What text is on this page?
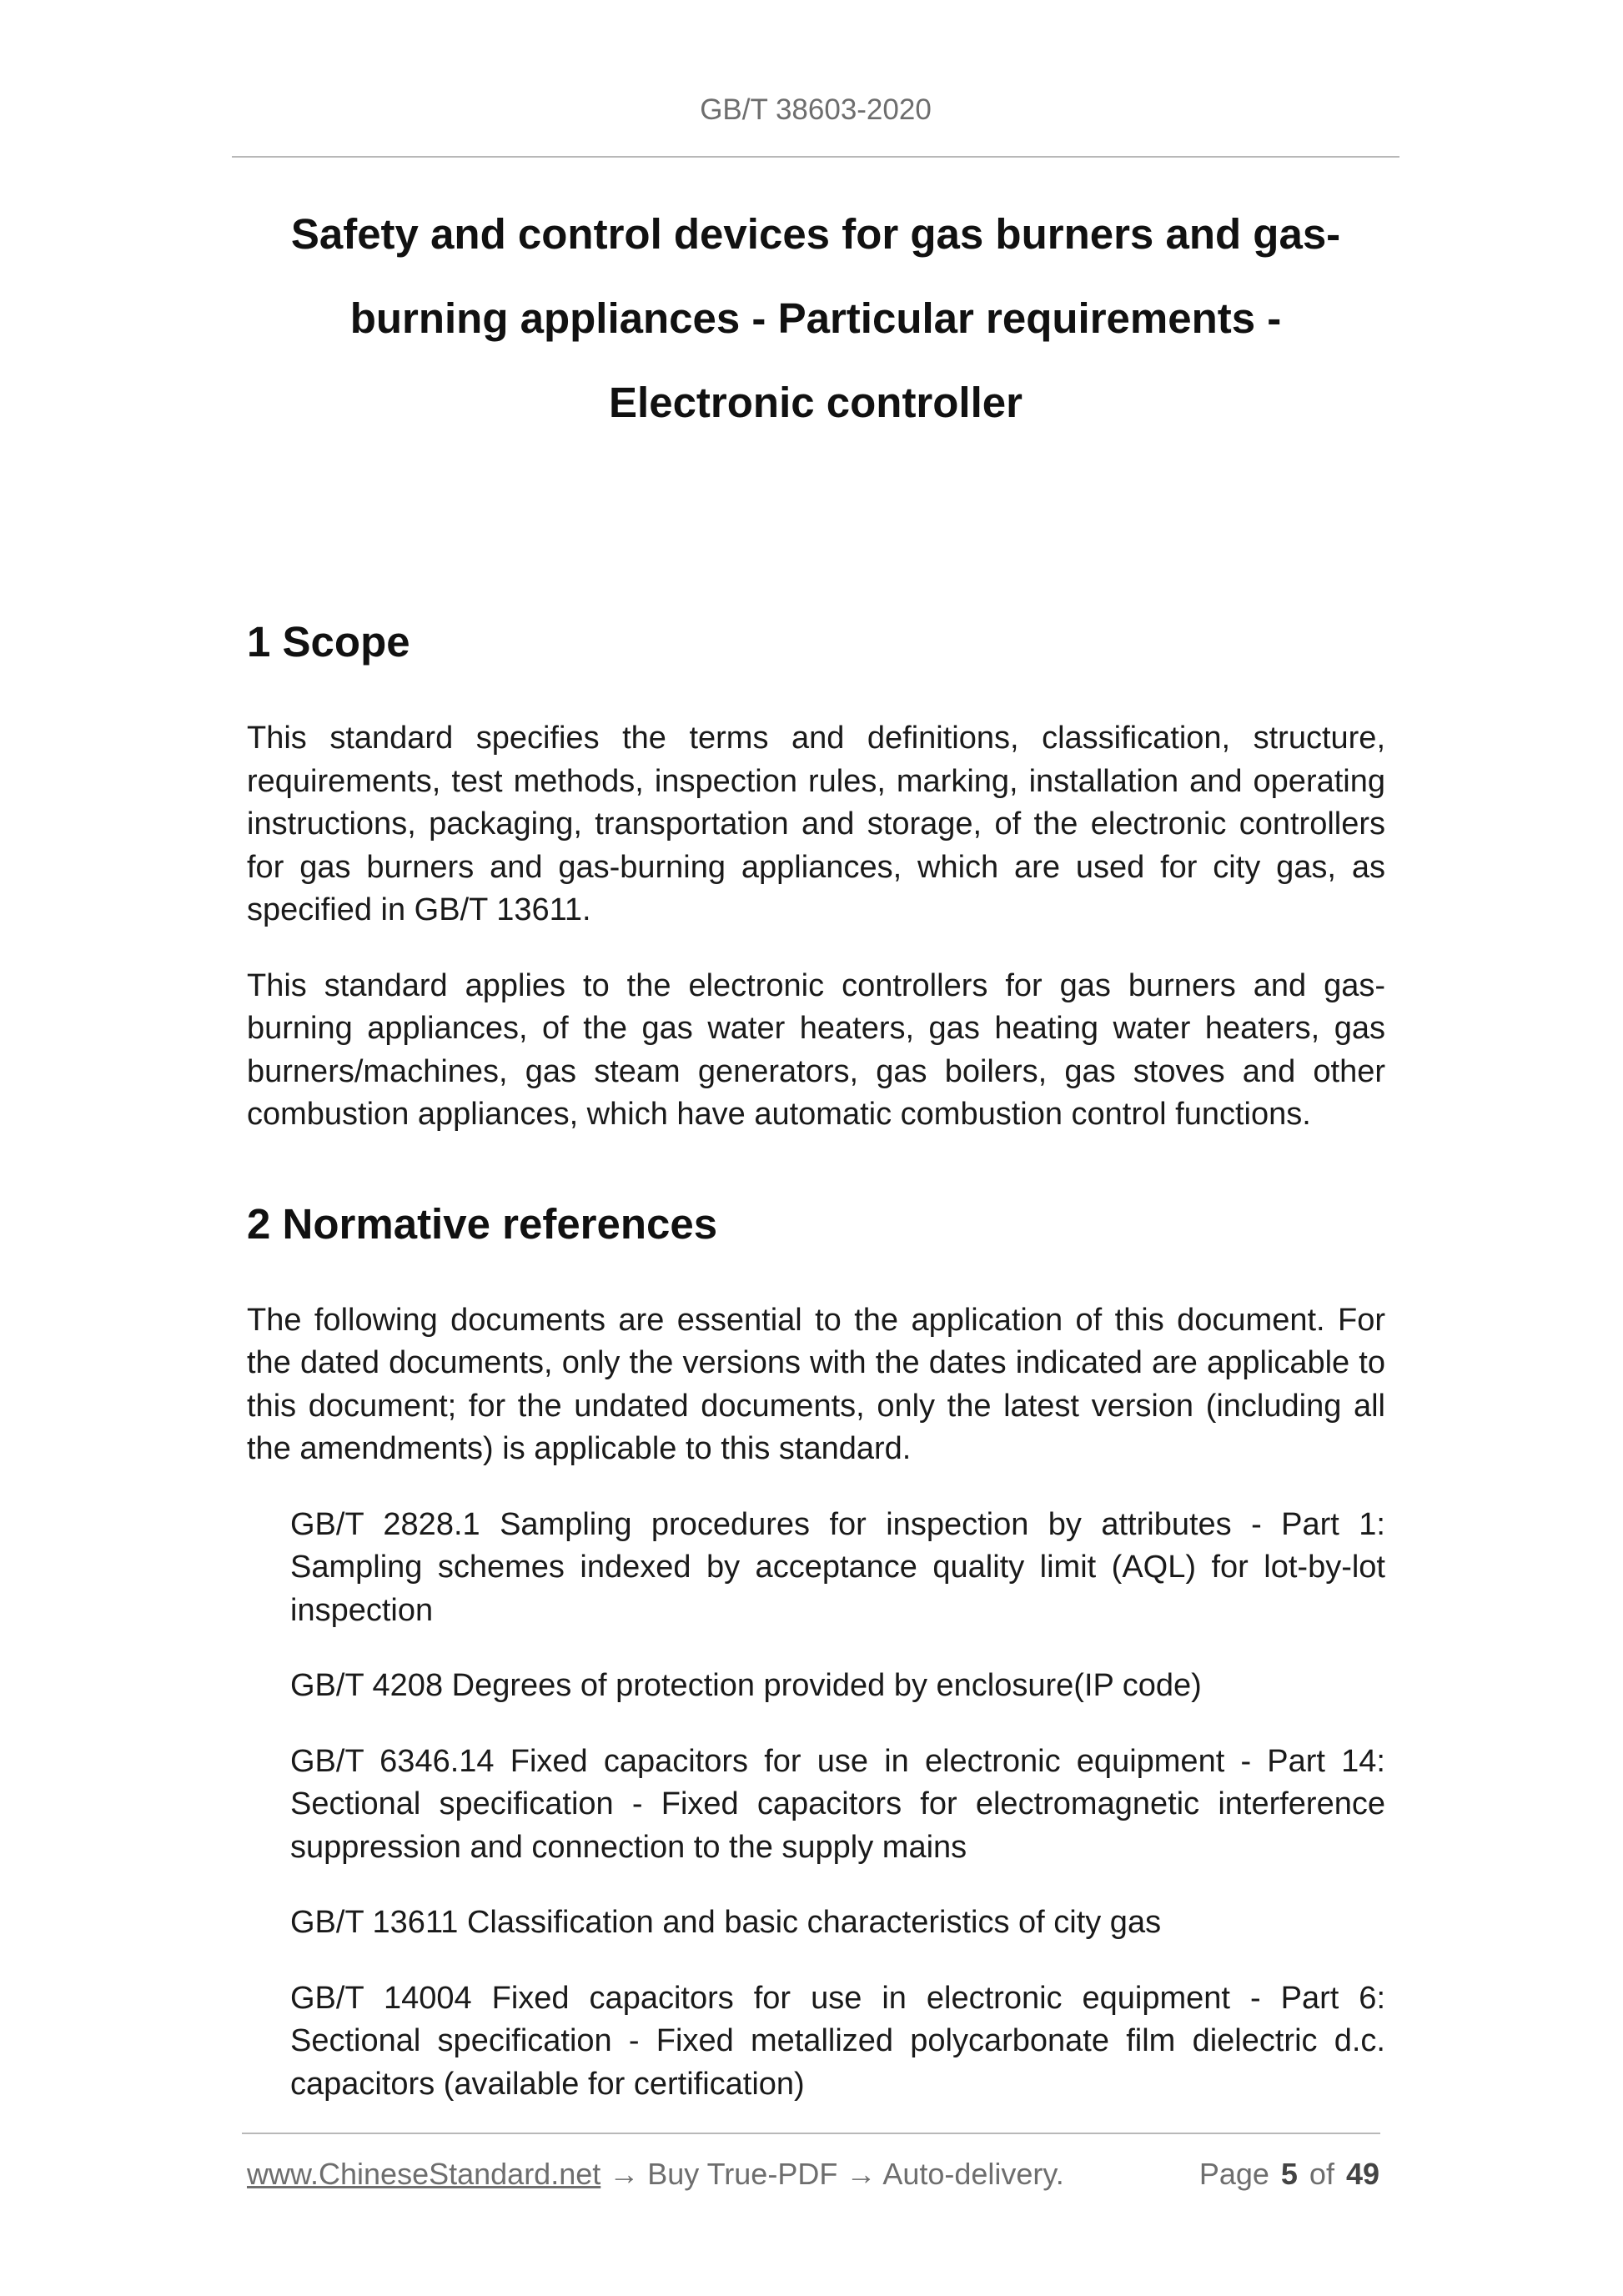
GB/T 38603-2020
Safety and control devices for gas burners and gas-
burning appliances - Particular requirements -
Electronic controller
1 Scope

This standard specifies the terms and definitions, classification, structure, requirements, test methods, inspection rules, marking, installation and operating instructions, packaging, transportation and storage, of the electronic controllers for gas burners and gas-burning appliances, which are used for city gas, as specified in GB/T 13611.

This standard applies to the electronic controllers for gas burners and gas-burning appliances, of the gas water heaters, gas heating water heaters, gas burners/machines, gas steam generators, gas boilers, gas stoves and other combustion appliances, which have automatic combustion control functions.

2 Normative references

The following documents are essential to the application of this document. For the dated documents, only the versions with the dates indicated are applicable to this document; for the undated documents, only the latest version (including all the amendments) is applicable to this standard.

GB/T 2828.1 Sampling procedures for inspection by attributes - Part 1: Sampling schemes indexed by acceptance quality limit (AQL) for lot-by-lot inspection

GB/T 4208 Degrees of protection provided by enclosure(IP code)

GB/T 6346.14 Fixed capacitors for use in electronic equipment - Part 14: Sectional specification - Fixed capacitors for electromagnetic interference suppression and connection to the supply mains

GB/T 13611 Classification and basic characteristics of city gas

GB/T 14004 Fixed capacitors for use in electronic equipment - Part 6: Sectional specification - Fixed metallized polycarbonate film dielectric d.c. capacitors (available for certification)

www.ChineseStandard.net → Buy True-PDF → Auto-delivery.	Page 5 of 49
